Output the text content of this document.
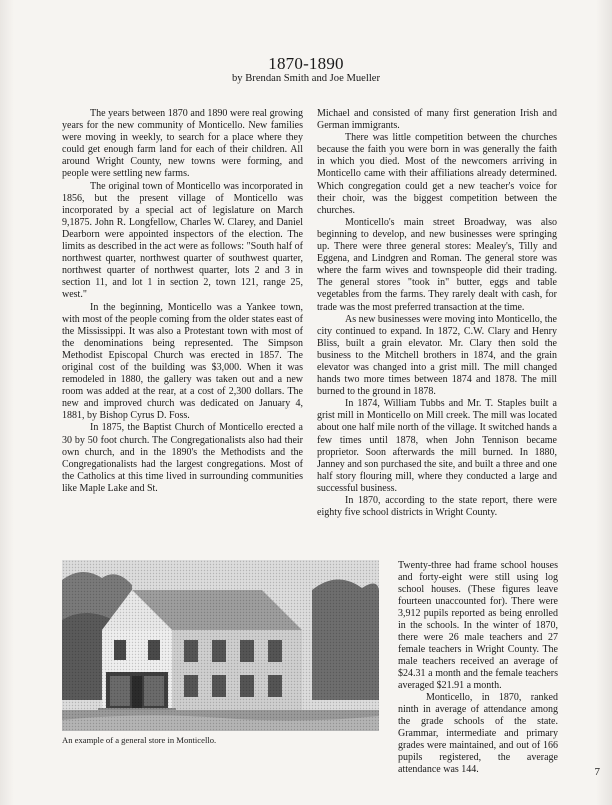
1870-1890
by Brendan Smith and Joe Mueller

The years between 1870 and 1890 were real growing years for the new community of Monticello. New families were moving in weekly, to search for a place where they could get enough farm land for each of their children. All around Wright County, new towns were forming, and people were settling new farms.

The original town of Monticello was incorporated in 1856, but the present village of Monticello was incorporated by a special act of legislature on March 9,1875. John R. Longfellow, Charles W. Clarey, and Daniel Dearborn were appointed inspectors of the election. The limits as described in the act were as follows: "South half of northwest quarter, northwest quarter of southwest quarter, northwest quarter of northwest quarter, lots 2 and 3 in section 11, and lot 1 in section 2, town 121, range 25, west."

In the beginning, Monticello was a Yankee town, with most of the people coming from the older states east of the Mississippi. It was also a Protestant town with most of the denominations being represented. The Simpson Methodist Episcopal Church was erected in 1857. The original cost of the building was $3,000. When it was remodeled in 1880, the gallery was taken out and a new room was added at the rear, at a cost of 2,300 dollars. The new and improved church was dedicated on January 4, 1881, by Bishop Cyrus D. Foss.

In 1875, the Baptist Church of Monticello erected a 30 by 50 foot church. The Congregationalists also had their own church, and in the 1890's the Methodists and the Congregationalists had the largest congregations. Most of the Catholics at this time lived in surrounding communities like Maple Lake and St.

Michael and consisted of many first generation Irish and German immigrants.

There was little competition between the churches because the faith you were born in was generally the faith in which you died. Most of the newcomers arriving in Monticello came with their affiliations already determined. Which congregation could get a new teacher's voice for their choir, was the biggest competition between the churches.

Monticello's main street Broadway, was also beginning to develop, and new businesses were springing up. There were three general stores: Mealey's, Tilly and Eggena, and Lindgren and Roman. The general store was where the farm wives and townspeople did their trading. The general stores "took in" butter, eggs and table vegetables from the farms. They rarely dealt with cash, for trade was the most preferred transaction at the time.

As new businesses were moving into Monticello, the city continued to expand. In 1872, C.W. Clary and Henry Bliss, built a grain elevator. Mr. Clary then sold the business to the Mitchell brothers in 1874, and the grain elevator was changed into a grist mill. The mill changed hands two more times between 1874 and 1878. The mill burned to the ground in 1878.

In 1874, William Tubbs and Mr. T. Staples built a grist mill in Monticello on Mill creek. The mill was located about one half mile north of the village. It switched hands a few times until 1878, when John Tennison became proprietor. Soon afterwards the mill burned. In 1880, Janney and son purchased the site, and built a three and one half story flouring mill, where they conducted a large and successful business.

In 1870, according to the state report, there were eighty five school districts in Wright County.

An example of a general store in Monticello.

Twenty-three had frame school houses and forty-eight were still using log school houses. (These figures leave fourteen unaccounted for). There were 3,912 pupils reported as being enrolled in the schools. In the winter of 1870, there were 26 male teachers and 27 female teachers in Wright County. The male teachers received an average of $24.31 a month and the female teachers averaged $21.91 a month.

Monticello, in 1870, ranked ninth in average of attendance among the grade schools of the state. Grammar, intermediate and primary grades were maintained, and out of 166 pupils registered, the average attendance was 144.	7
